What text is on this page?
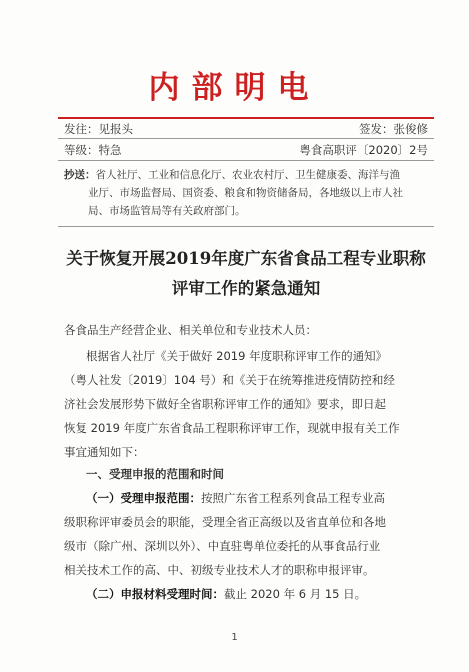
内部明电
发往：见报头	签发：张俊修
等级：特急	粤食高职评〔2020〕2号
抄送：省人社厅、工业和信息化厅、农业农村厅、卫生健康委、海洋与渔
业厅、市场监督局、国资委、粮食和物资储备局，各地级以上市人社
局、市场监管局等有关政府部门。
关于恢复开展2019年度广东省食品工程专业职称
评审工作的紧急通知
各食品生产经营企业、相关单位和专业技术人员：
根据省人社厅《关于做好 2019 年度职称评审工作的通知》
（粤人社发〔2019〕104 号）和《关于在统筹推进疫情防控和经
济社会发展形势下做好全省职称评审工作的通知》要求，即日起
恢复 2019 年度广东省食品工程职称评审工作，现就申报有关工作
事宜通知如下：
一、受理申报的范围和时间
（一）受理申报范围：按照广东省工程系列食品工程专业高
级职称评审委员会的职能，受理全省正高级以及省直单位和各地
级市（除广州、深圳以外）、中直驻粤单位委托的从事食品行业
相关技术工作的高、中、初级专业技术人才的职称申报评审。
（二）申报材料受理时间：截止 2020 年 6 月 15 日。
1
